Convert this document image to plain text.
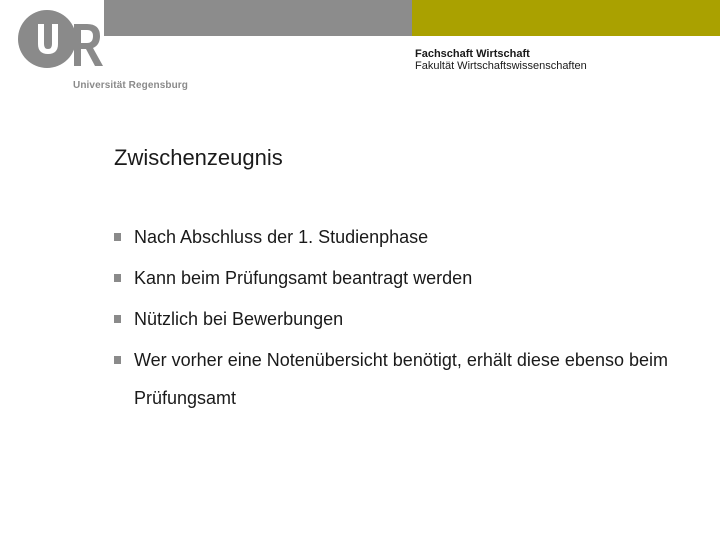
Universität Regensburg
Fachschaft Wirtschaft
Fakultät Wirtschaftswissenschaften
Zwischenzeugnis
Nach Abschluss der 1. Studienphase
Kann beim Prüfungsamt beantragt werden
Nützlich bei Bewerbungen
Wer vorher eine Notenübersicht benötigt, erhält diese ebenso beim Prüfungsamt
